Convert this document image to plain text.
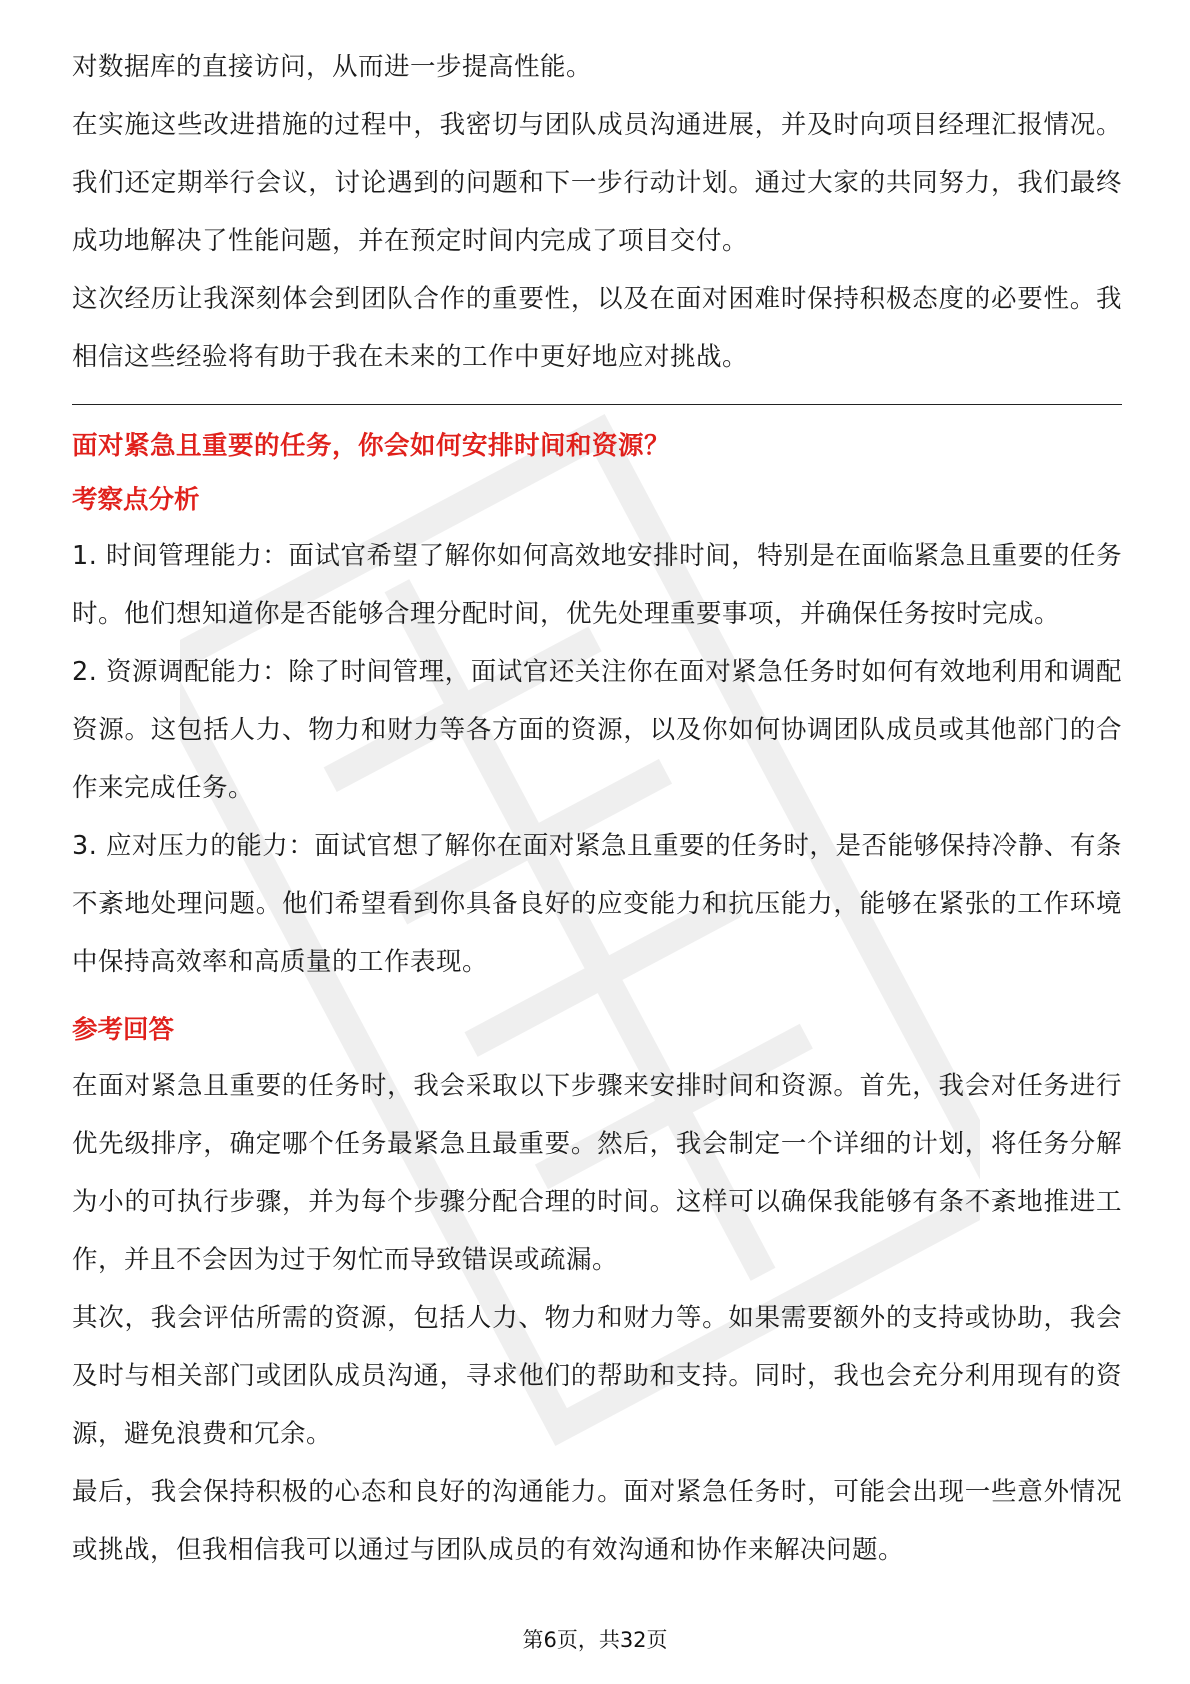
对数据库的直接访问，从而进一步提高性能。

在实施这些改进措施的过程中，我密切与团队成员沟通进展，并及时向项目经理汇报情况。我们还定期举行会议，讨论遇到的问题和下一步行动计划。通过大家的共同努力，我们最终成功地解决了性能问题，并在预定时间内完成了项目交付。

这次经历让我深刻体会到团队合作的重要性，以及在面对困难时保持积极态度的必要性。我相信这些经验将有助于我在未来的工作中更好地应对挑战。

面对紧急且重要的任务，你会如何安排时间和资源？

考察点分析

1. 时间管理能力：面试官希望了解你如何高效地安排时间，特别是在面临紧急且重要的任务时。他们想知道你是否能够合理分配时间，优先处理重要事项，并确保任务按时完成。

2. 资源调配能力：除了时间管理，面试官还关注你在面对紧急任务时如何有效地利用和调配资源。这包括人力、物力和财力等各方面的资源，以及你如何协调团队成员或其他部门的合作来完成任务。

3. 应对压力的能力：面试官想了解你在面对紧急且重要的任务时，是否能够保持冷静、有条不紊地处理问题。他们希望看到你具备良好的应变能力和抗压能力，能够在紧张的工作环境中保持高效率和高质量的工作表现。

参考回答

在面对紧急且重要的任务时，我会采取以下步骤来安排时间和资源。首先，我会对任务进行优先级排序，确定哪个任务最紧急且最重要。然后，我会制定一个详细的计划，将任务分解为小的可执行步骤，并为每个步骤分配合理的时间。这样可以确保我能够有条不紊地推进工作，并且不会因为过于匆忙而导致错误或疏漏。

其次，我会评估所需的资源，包括人力、物力和财力等。如果需要额外的支持或协助，我会及时与相关部门或团队成员沟通，寻求他们的帮助和支持。同时，我也会充分利用现有的资源，避免浪费和冗余。

最后，我会保持积极的心态和良好的沟通能力。面对紧急任务时，可能会出现一些意外情况或挑战，但我相信我可以通过与团队成员的有效沟通和协作来解决问题。

第6页，共32页
